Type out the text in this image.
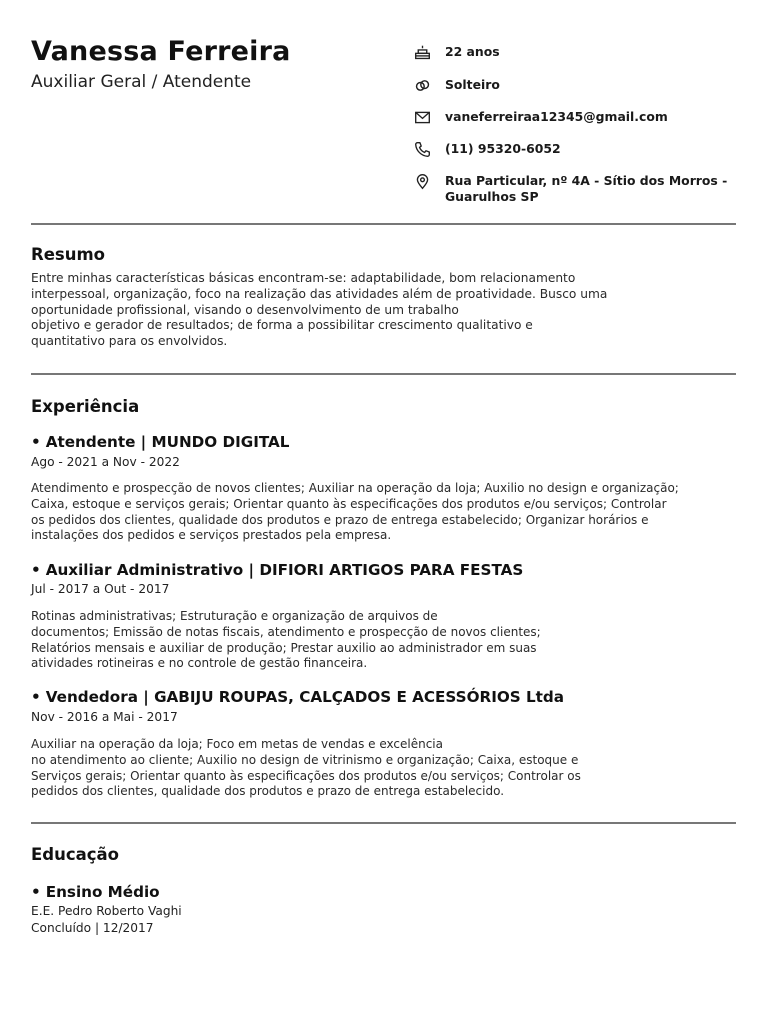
Vanessa Ferreira
Auxiliar Geral / Atendente
22 anos
Solteiro
vaneferreiraa12345@gmail.com
(11) 95320-6052
Rua Particular, nº 4A - Sítio dos Morros - Guarulhos SP
Resumo
Entre minhas características básicas encontram-se: adaptabilidade, bom relacionamento
interpessoal, organização, foco na realização das atividades além de proatividade. Busco uma
oportunidade profissional, visando o desenvolvimento de um trabalho
objetivo e gerador de resultados; de forma a possibilitar crescimento qualitativo e
quantitativo para os envolvidos.
Experiência
• Atendente | MUNDO DIGITAL
Ago - 2021 a Nov - 2022
Atendimento e prospecção de novos clientes; Auxiliar na operação da loja; Auxilio no design e organização;
Caixa, estoque e serviços gerais; Orientar quanto às especificações dos produtos e/ou serviços; Controlar
os pedidos dos clientes, qualidade dos produtos e prazo de entrega estabelecido; Organizar horários e
instalações dos pedidos e serviços prestados pela empresa.
• Auxiliar Administrativo | DIFIORI ARTIGOS PARA FESTAS
Jul - 2017 a Out - 2017
Rotinas administrativas; Estruturação e organização de arquivos de
documentos; Emissão de notas fiscais, atendimento e prospecção de novos clientes;
Relatórios mensais e auxiliar de produção; Prestar auxilio ao administrador em suas
atividades rotineiras e no controle de gestão financeira.
• Vendedora | GABIJU ROUPAS, CALÇADOS E ACESSÓRIOS Ltda
Nov - 2016 a Mai - 2017
Auxiliar na operação da loja; Foco em metas de vendas e excelência
no atendimento ao cliente; Auxilio no design de vitrinismo e organização; Caixa, estoque e
Serviços gerais; Orientar quanto às especificações dos produtos e/ou serviços; Controlar os
pedidos dos clientes, qualidade dos produtos e prazo de entrega estabelecido.
Educação
• Ensino Médio
E.E. Pedro Roberto Vaghi
Concluído | 12/2017
